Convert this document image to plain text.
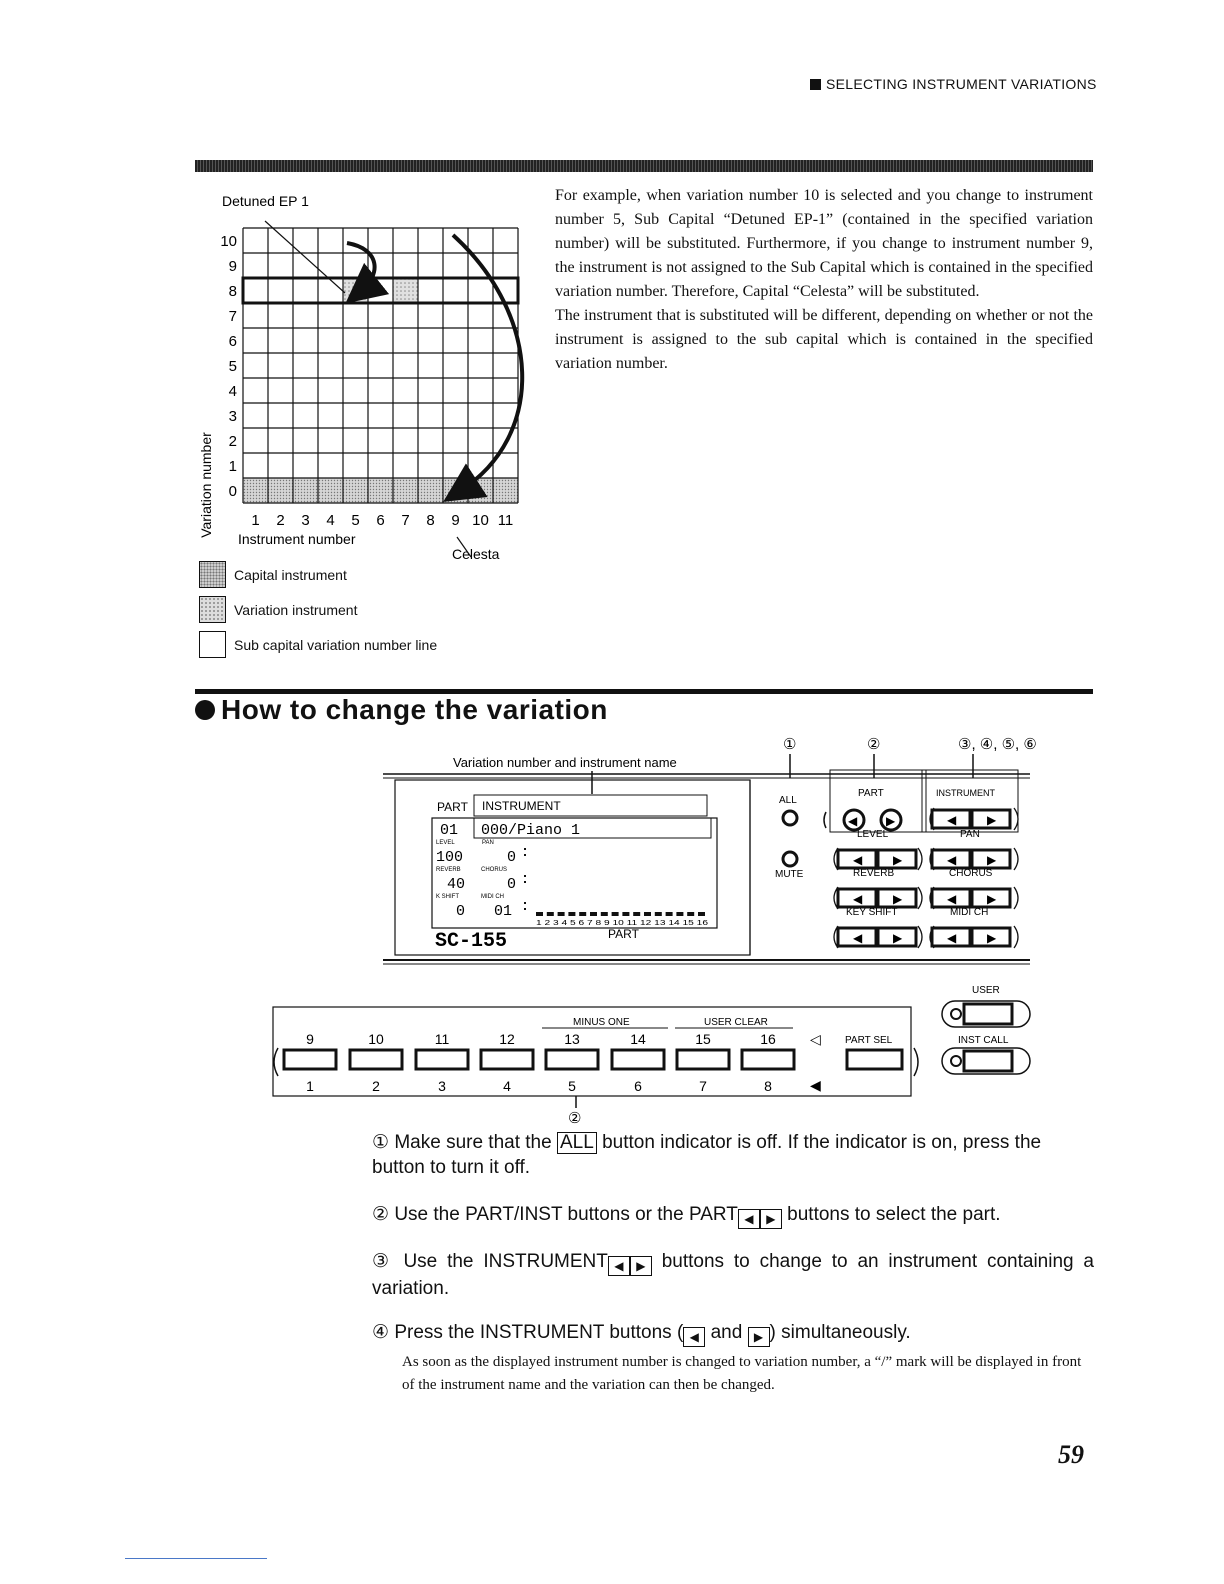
SELECTING INSTRUMENT VARIATIONS
Detuned EP 1
Variation number
10
9
8
7
6
5
4
3
2
1
0
1 2 3 4 5 6 7 8 9 10 11
Instrument number
Celesta
Capital instrument
Variation instrument
Sub capital variation number line

For example, when variation number 10 is selected and you change to instrument number 5, Sub Capital “Detuned EP-1” (contained in the specified variation number) will be substituted. Furthermore, if you change to instrument number 9, the instrument is not assigned to the Sub Capital which is contained in the specified variation number. Therefore, Capital “Celesta” will be substituted.

The instrument that is substituted will be different, depending on whether or not the instrument is assigned to the sub capital which is contained in the specified variation number.

How to change the variation
Variation number and instrument name
①	②	③, ④, ⑤, ⑥
PART INSTRUMENT
01 000/Piano 1
LEVEL	PAN
100	0
REVERB	CHORUS
40	0
K SHIFT	MIDI CH
0 01
1 2 3 4 5 6 7 8 9 10 11 12 13 14 15 16
PART
SC-155
ALL
MUTE
PART	INSTRUMENT
◀ ▶	◀	▶
◀	▶	◀	▶
◀	▶	◀	▶
◀	▶	◀	▶
LEVEL	PAN
REVERB	CHORUS
KEY SHIFT	MIDI CH
USER
INST CALL
MINUS ONE	USER CLEAR
9	10	11	12	13	14	15	16
1	2	3	4	5	6	7	8
◁ PART SEL
◀
②
① Make sure that the ALL button indicator is off. If the indicator is on, press the button to turn it off.
② Use the PART/INST buttons or the PART ◀ ▶ buttons to select the part.
③ Use the INSTRUMENT ◀ ▶ buttons to change to an instrument containing a variation.
④ Press the INSTRUMENT buttons ( ◀ and ▶ ) simultaneously.
As soon as the displayed instrument number is changed to variation number, a “/” mark will be displayed in front of the instrument name and the variation can then be changed.
59
